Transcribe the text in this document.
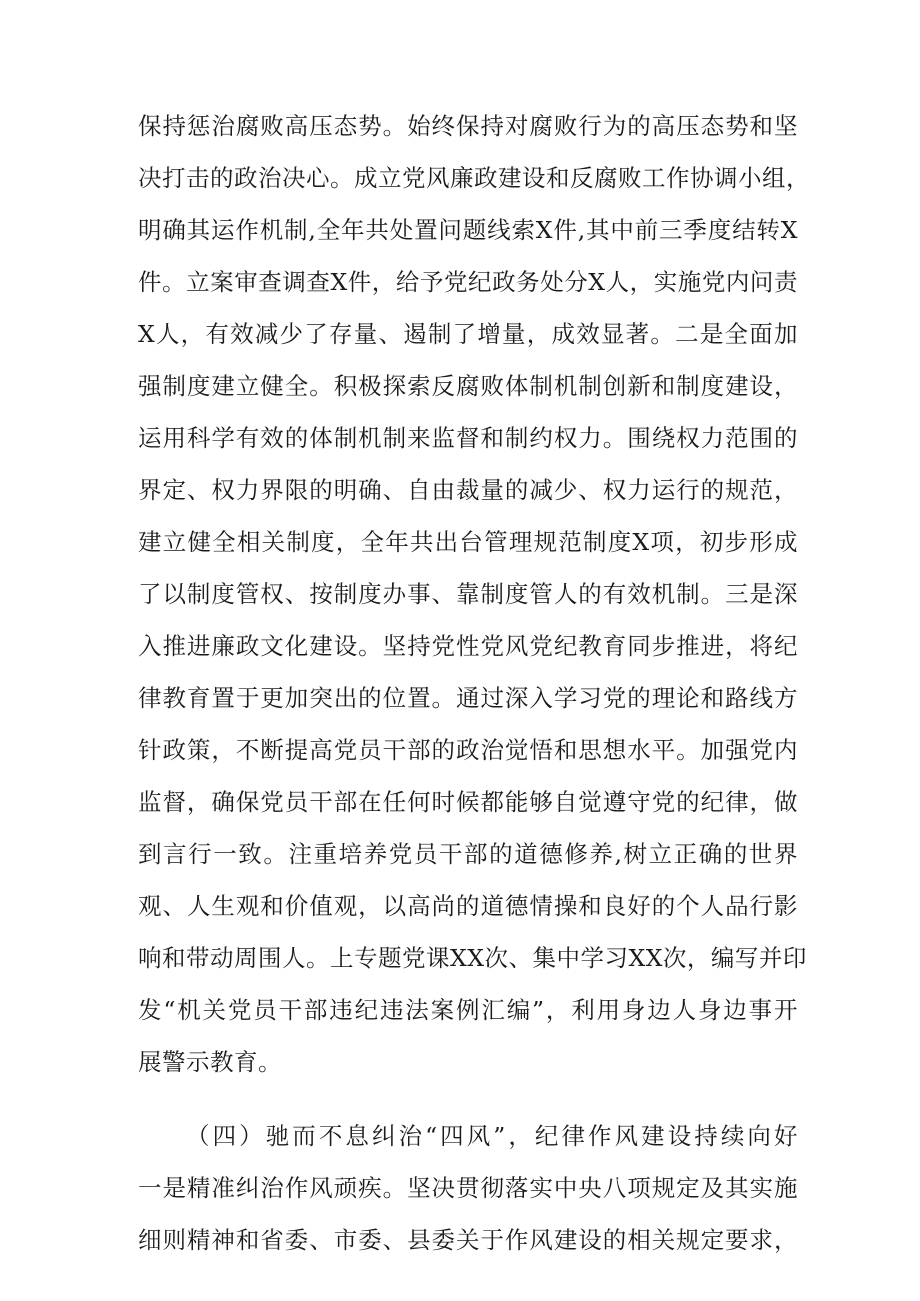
保持惩治腐败高压态势。始终保持对腐败行为的高压态势和坚
决打击的政治决心。成立党风廉政建设和反腐败工作协调小组，
明确其运作机制,全年共处置问题线索X件,其中前三季度结转X
件。立案审查调查X件，给予党纪政务处分X人，实施党内问责
X人，有效减少了存量、遏制了增量，成效显著。二是全面加
强制度建立健全。积极探索反腐败体制机制创新和制度建设，
运用科学有效的体制机制来监督和制约权力。围绕权力范围的
界定、权力界限的明确、自由裁量的减少、权力运行的规范，
建立健全相关制度，全年共出台管理规范制度X项，初步形成
了以制度管权、按制度办事、靠制度管人的有效机制。三是深
入推进廉政文化建设。坚持党性党风党纪教育同步推进，将纪
律教育置于更加突出的位置。通过深入学习党的理论和路线方
针政策，不断提高党员干部的政治觉悟和思想水平。加强党内
监督，确保党员干部在任何时候都能够自觉遵守党的纪律，做
到言行一致。注重培养党员干部的道德修养,树立正确的世界
观、人生观和价值观，以高尚的道德情操和良好的个人品行影
响和带动周围人。上专题党课XX次、集中学习XX次，编写并印
发“机关党员干部违纪违法案例汇编”，利用身边人身边事开
展警示教育。
（四）驰而不息纠治“四风”，纪律作风建设持续向好
一是精准纠治作风顽疾。坚决贯彻落实中央八项规定及其实施
细则精神和省委、市委、县委关于作风建设的相关规定要求，
